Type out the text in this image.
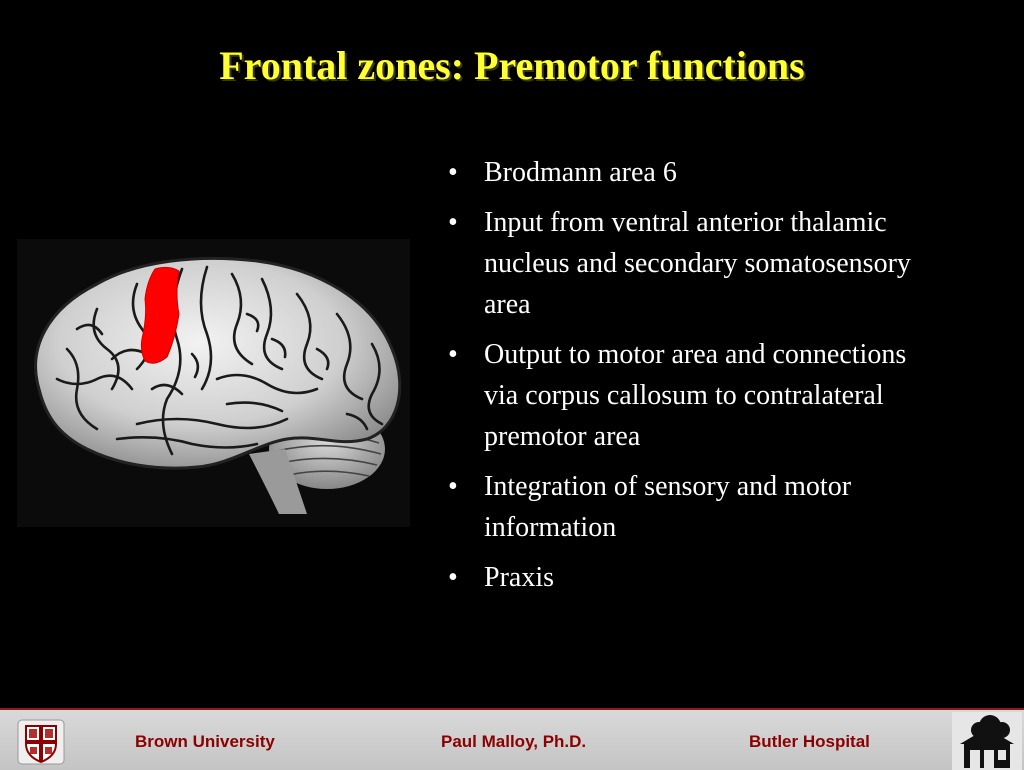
Frontal zones: Premotor functions
• Brodmann area 6
• Input from ventral anterior thalamic nucleus and secondary somatosensory area
• Output to motor area and connections via corpus callosum to contralateral premotor area
• Integration of sensory and motor information
• Praxis
Brown University	Paul Malloy, Ph.D.	Butler Hospital
